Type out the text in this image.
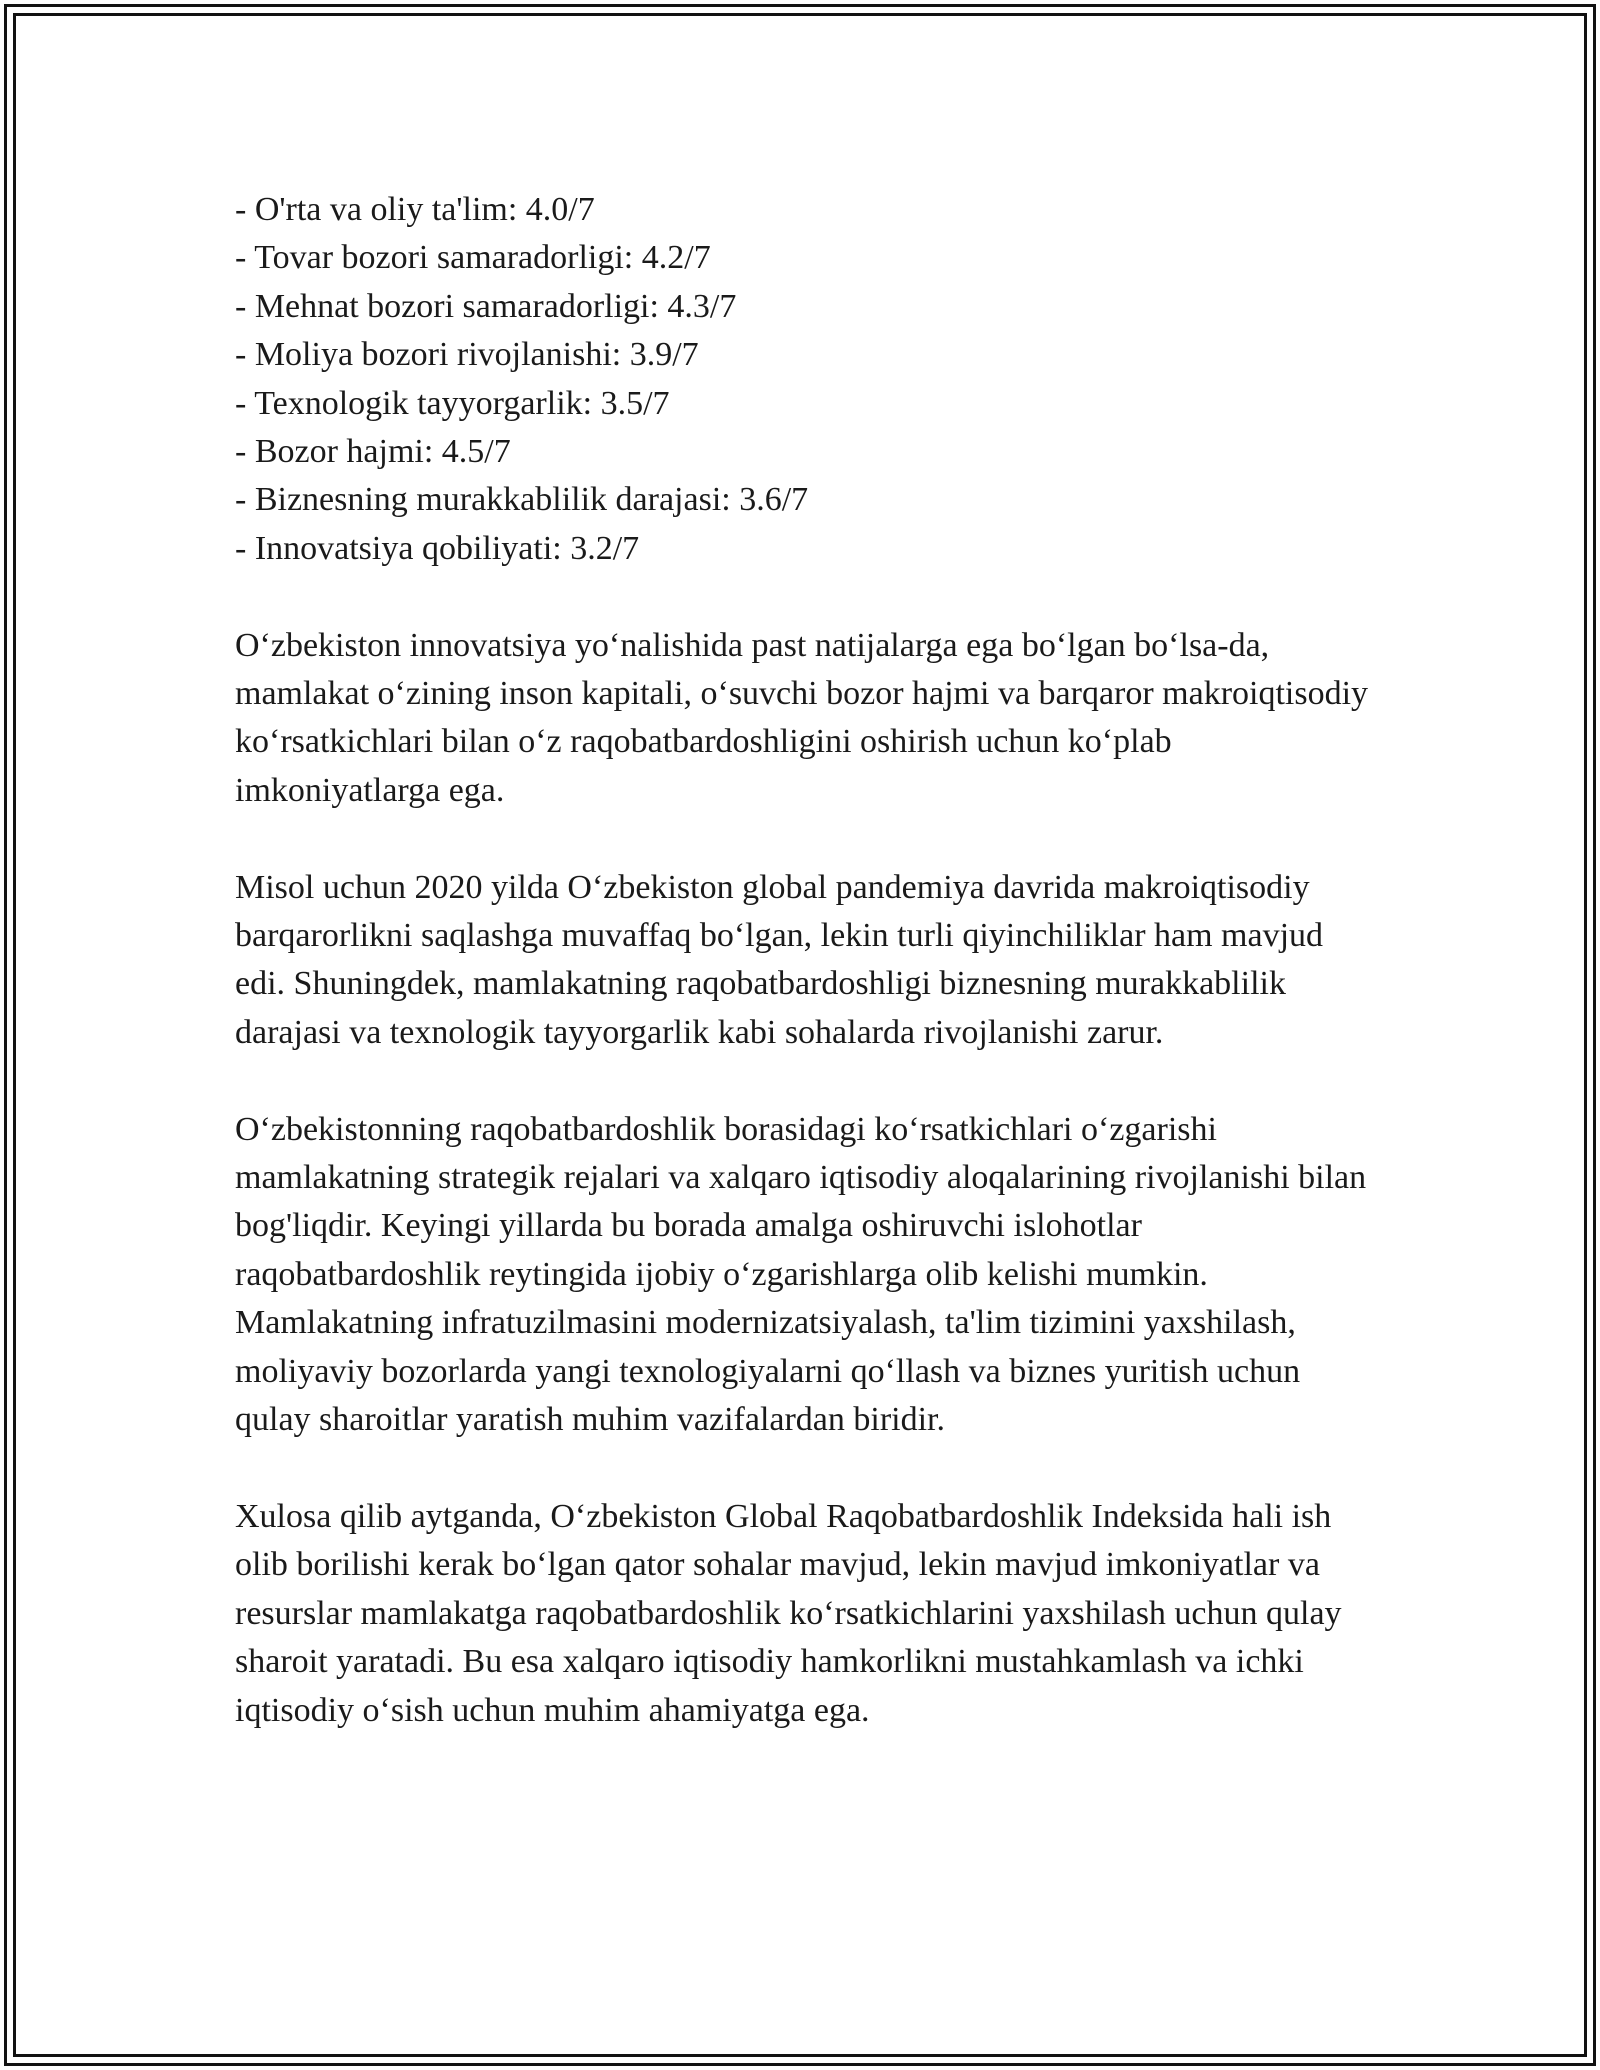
- O'rta va oliy ta'lim: 4.0/7

- Tovar bozori samaradorligi: 4.2/7

- Mehnat bozori samaradorligi: 4.3/7

- Moliya bozori rivojlanishi: 3.9/7

- Texnologik tayyorgarlik: 3.5/7

- Bozor hajmi: 4.5/7

- Biznesning murakkablilik darajasi: 3.6/7

- Innovatsiya qobiliyati: 3.2/7

O‘zbekiston innovatsiya yo‘nalishida past natijalarga ega bo‘lgan bo‘lsa-da, mamlakat o‘zining inson kapitali, o‘suvchi bozor hajmi va barqaror makroiqtisodiy ko‘rsatkichlari bilan o‘z raqobatbardoshligini oshirish uchun ko‘plab imkoniyatlarga ega.

Misol uchun 2020 yilda O‘zbekiston global pandemiya davrida makroiqtisodiy barqarorlikni saqlashga muvaffaq bo‘lgan, lekin turli qiyinchiliklar ham mavjud edi. Shuningdek, mamlakatning raqobatbardoshligi biznesning murakkablilik darajasi va texnologik tayyorgarlik kabi sohalarda rivojlanishi zarur.

O‘zbekistonning raqobatbardoshlik borasidagi ko‘rsatkichlari o‘zgarishi mamlakatning strategik rejalari va xalqaro iqtisodiy aloqalarining rivojlanishi bilan bog'liqdir. Keyingi yillarda bu borada amalga oshiruvchi islohotlar raqobatbardoshlik reytingida ijobiy o‘zgarishlarga olib kelishi mumkin. Mamlakatning infratuzilmasini modernizatsiyalash, ta'lim tizimini yaxshilash, moliyaviy bozorlarda yangi texnologiyalarni qo‘llash va biznes yuritish uchun qulay sharoitlar yaratish muhim vazifalardan biridir.

Xulosa qilib aytganda, O‘zbekiston Global Raqobatbardoshlik Indeksida hali ish olib borilishi kerak bo‘lgan qator sohalar mavjud, lekin mavjud imkoniyatlar va resurslar mamlakatga raqobatbardoshlik ko‘rsatkichlarini yaxshilash uchun qulay sharoit yaratadi. Bu esa xalqaro iqtisodiy hamkorlikni mustahkamlash va ichki iqtisodiy o‘sish uchun muhim ahamiyatga ega.
